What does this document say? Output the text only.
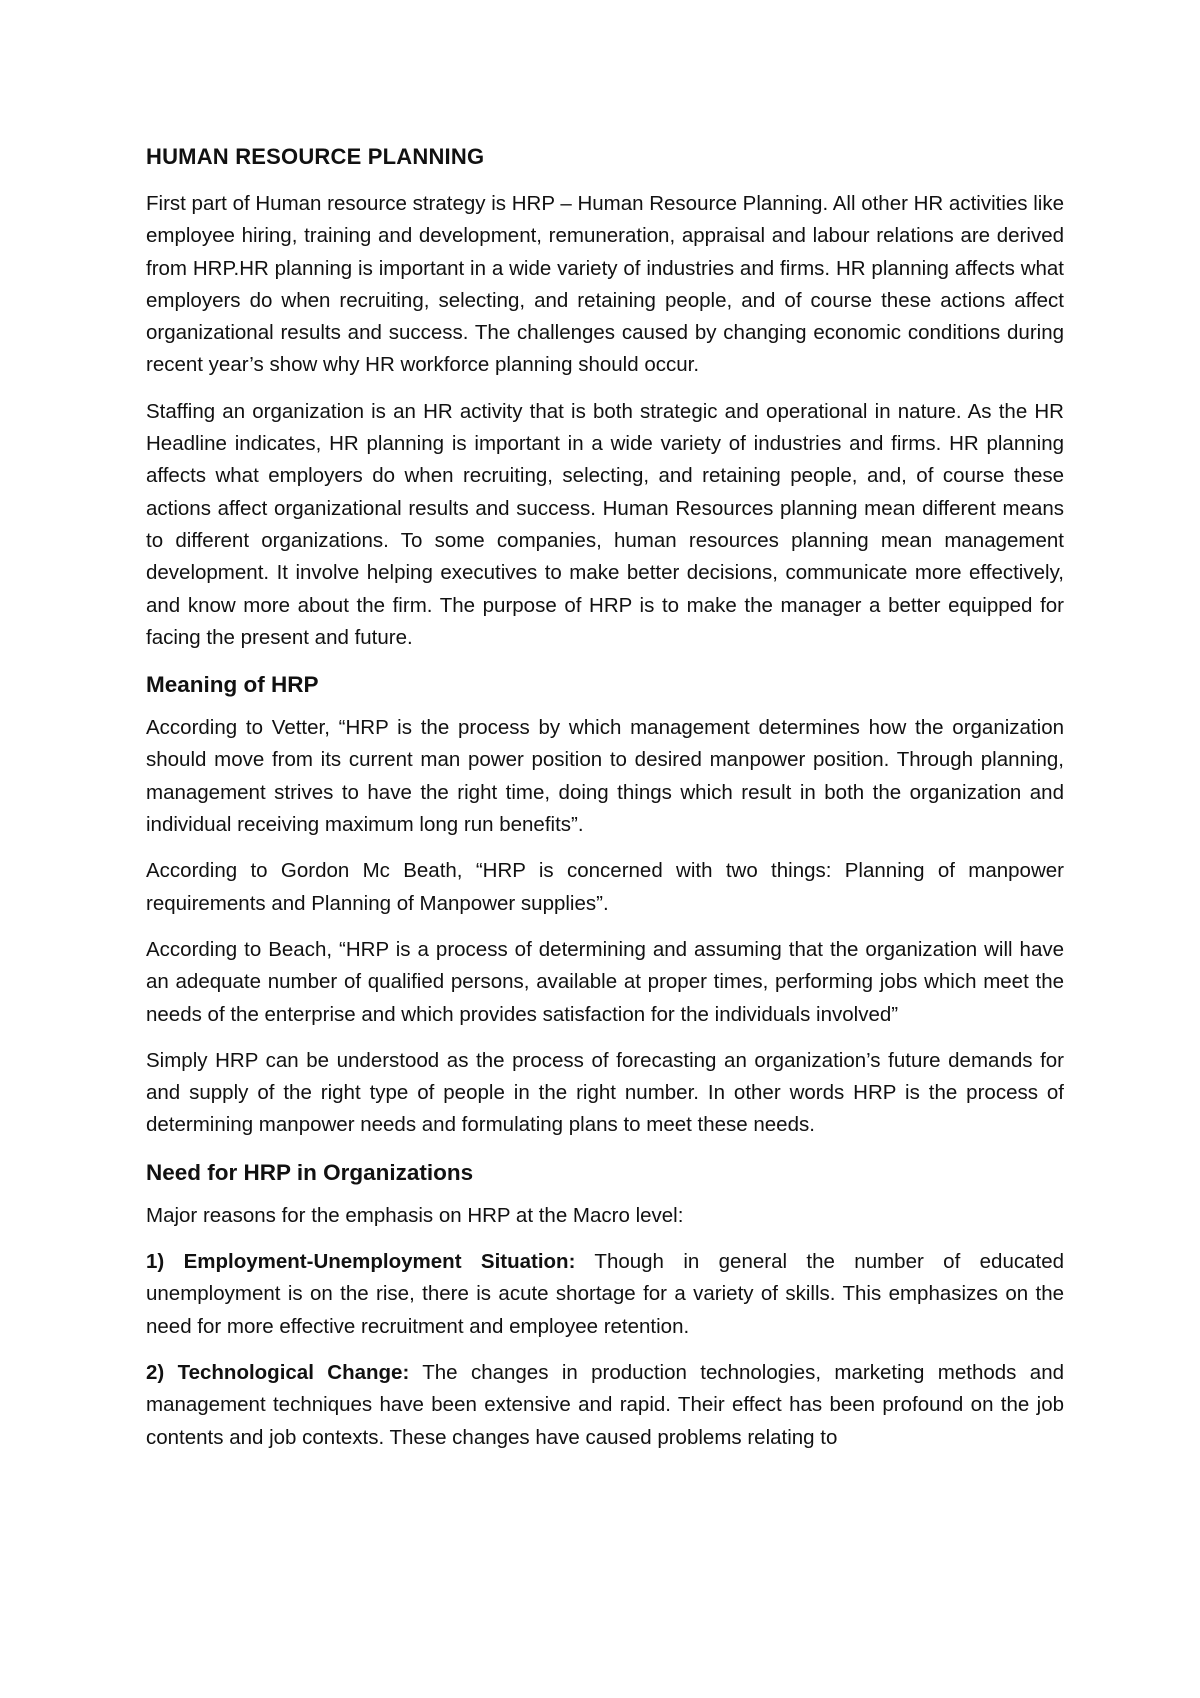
HUMAN RESOURCE PLANNING

First part of Human resource strategy is HRP – Human Resource Planning. All other HR activities like employee hiring, training and development, remuneration, appraisal and labour relations are derived from HRP.HR planning is important in a wide variety of industries and firms. HR planning affects what employers do when recruiting, selecting, and retaining people, and of course these actions affect organizational results and success. The challenges caused by changing economic conditions during recent year’s show why HR workforce planning should occur.

Staffing an organization is an HR activity that is both strategic and operational in nature. As the HR Headline indicates, HR planning is important in a wide variety of industries and firms. HR planning affects what employers do when recruiting, selecting, and retaining people, and, of course these actions affect organizational results and success. Human Resources planning mean different means to different organizations. To some companies, human resources planning mean management development. It involve helping executives to make better decisions, communicate more effectively, and know more about the firm. The purpose of HRP is to make the manager a better equipped for facing the present and future.

Meaning of HRP

According to Vetter, “HRP is the process by which management determines how the organization should move from its current man power position to desired manpower position. Through planning, management strives to have the right time, doing things which result in both the organization and individual receiving maximum long run benefits”.

According to Gordon Mc Beath, “HRP is concerned with two things: Planning of manpower requirements and Planning of Manpower supplies”.

According to Beach, “HRP is a process of determining and assuming that the organization will have an adequate number of qualified persons, available at proper times, performing jobs which meet the needs of the enterprise and which provides satisfaction for the individuals involved”

Simply HRP can be understood as the process of forecasting an organization’s future demands for and supply of the right type of people in the right number. In other words HRP is the process of determining manpower needs and formulating plans to meet these needs.

Need for HRP in Organizations

Major reasons for the emphasis on HRP at the Macro level:

1) Employment-Unemployment Situation: Though in general the number of educated unemployment is on the rise, there is acute shortage for a variety of skills. This emphasizes on the need for more effective recruitment and employee retention.

2) Technological Change: The changes in production technologies, marketing methods and management techniques have been extensive and rapid. Their effect has been profound on the job contents and job contexts. These changes have caused problems relating to
